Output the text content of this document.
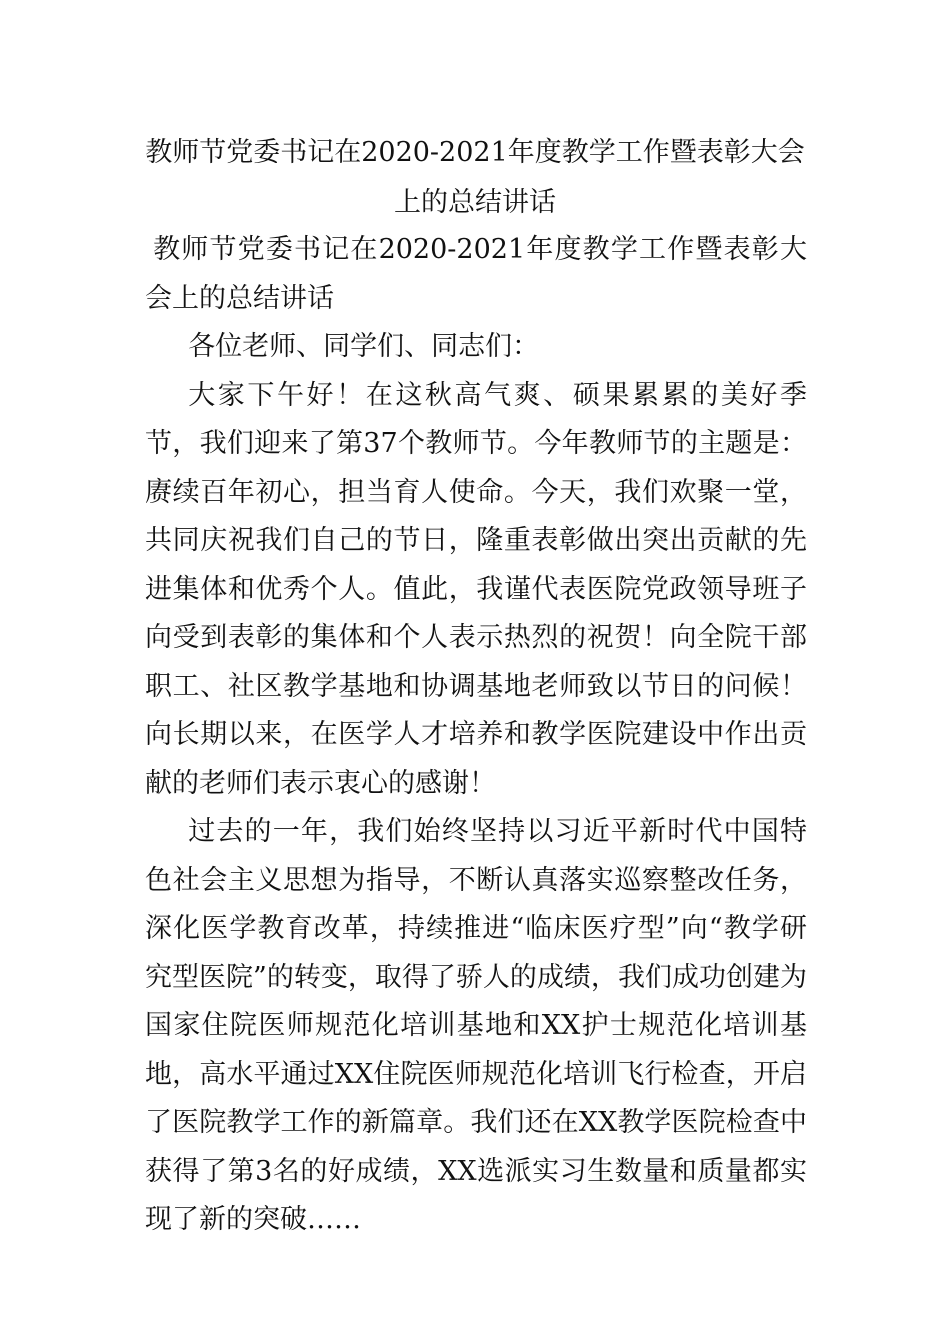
教师节党委书记在2020-2021年度教学工作暨表彰大会上的总结讲话

教师节党委书记在2020-2021年度教学工作暨表彰大会上的总结讲话

各位老师、同学们、同志们：

大家下午好！在这秋高气爽、硕果累累的美好季节，我们迎来了第37个教师节。今年教师节的主题是：赓续百年初心，担当育人使命。今天，我们欢聚一堂，共同庆祝我们自己的节日，隆重表彰做出突出贡献的先进集体和优秀个人。值此，我谨代表医院党政领导班子向受到表彰的集体和个人表示热烈的祝贺！向全院干部职工、社区教学基地和协调基地老师致以节日的问候！向长期以来，在医学人才培养和教学医院建设中作出贡献的老师们表示衷心的感谢！

过去的一年，我们始终坚持以习近平新时代中国特色社会主义思想为指导，不断认真落实巡察整改任务，深化医学教育改革，持续推进“临床医疗型”向“教学研究型医院”的转变，取得了骄人的成绩，我们成功创建为国家住院医师规范化培训基地和XX护士规范化培训基地，高水平通过XX住院医师规范化培训飞行检查，开启了医院教学工作的新篇章。我们还在XX教学医院检查中获得了第3名的好成绩，XX选派实习生数量和质量都实现了新的突破……
